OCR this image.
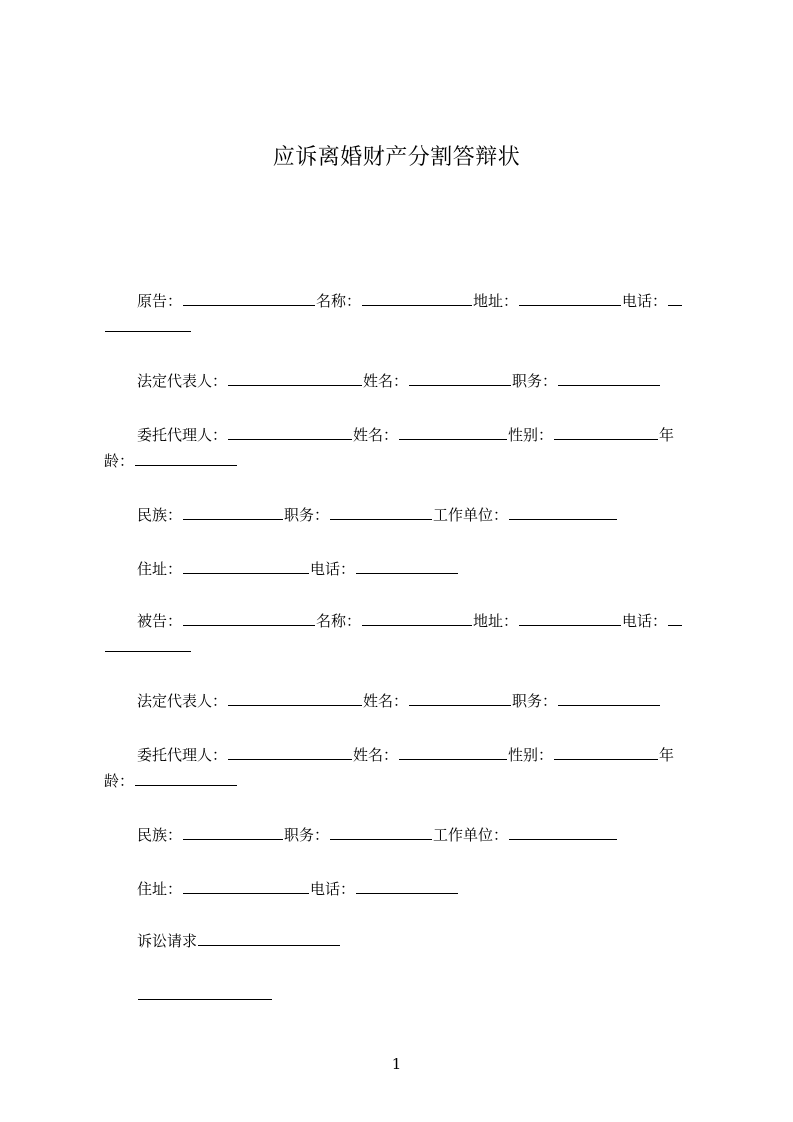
应诉离婚财产分割答辩状
原告：	名称：	地址：	电话：
法定代表人：	姓名：	职务：
委托代理人：	姓名：	性别：	年
龄：
民族：	职务：	工作单位：
住址：	电话：
被告：	名称：	地址：	电话：
法定代表人：	姓名：	职务：
委托代理人：	姓名：	性别：	年
龄：
民族：	职务：	工作单位：
住址：	电话：
诉讼请求
1
